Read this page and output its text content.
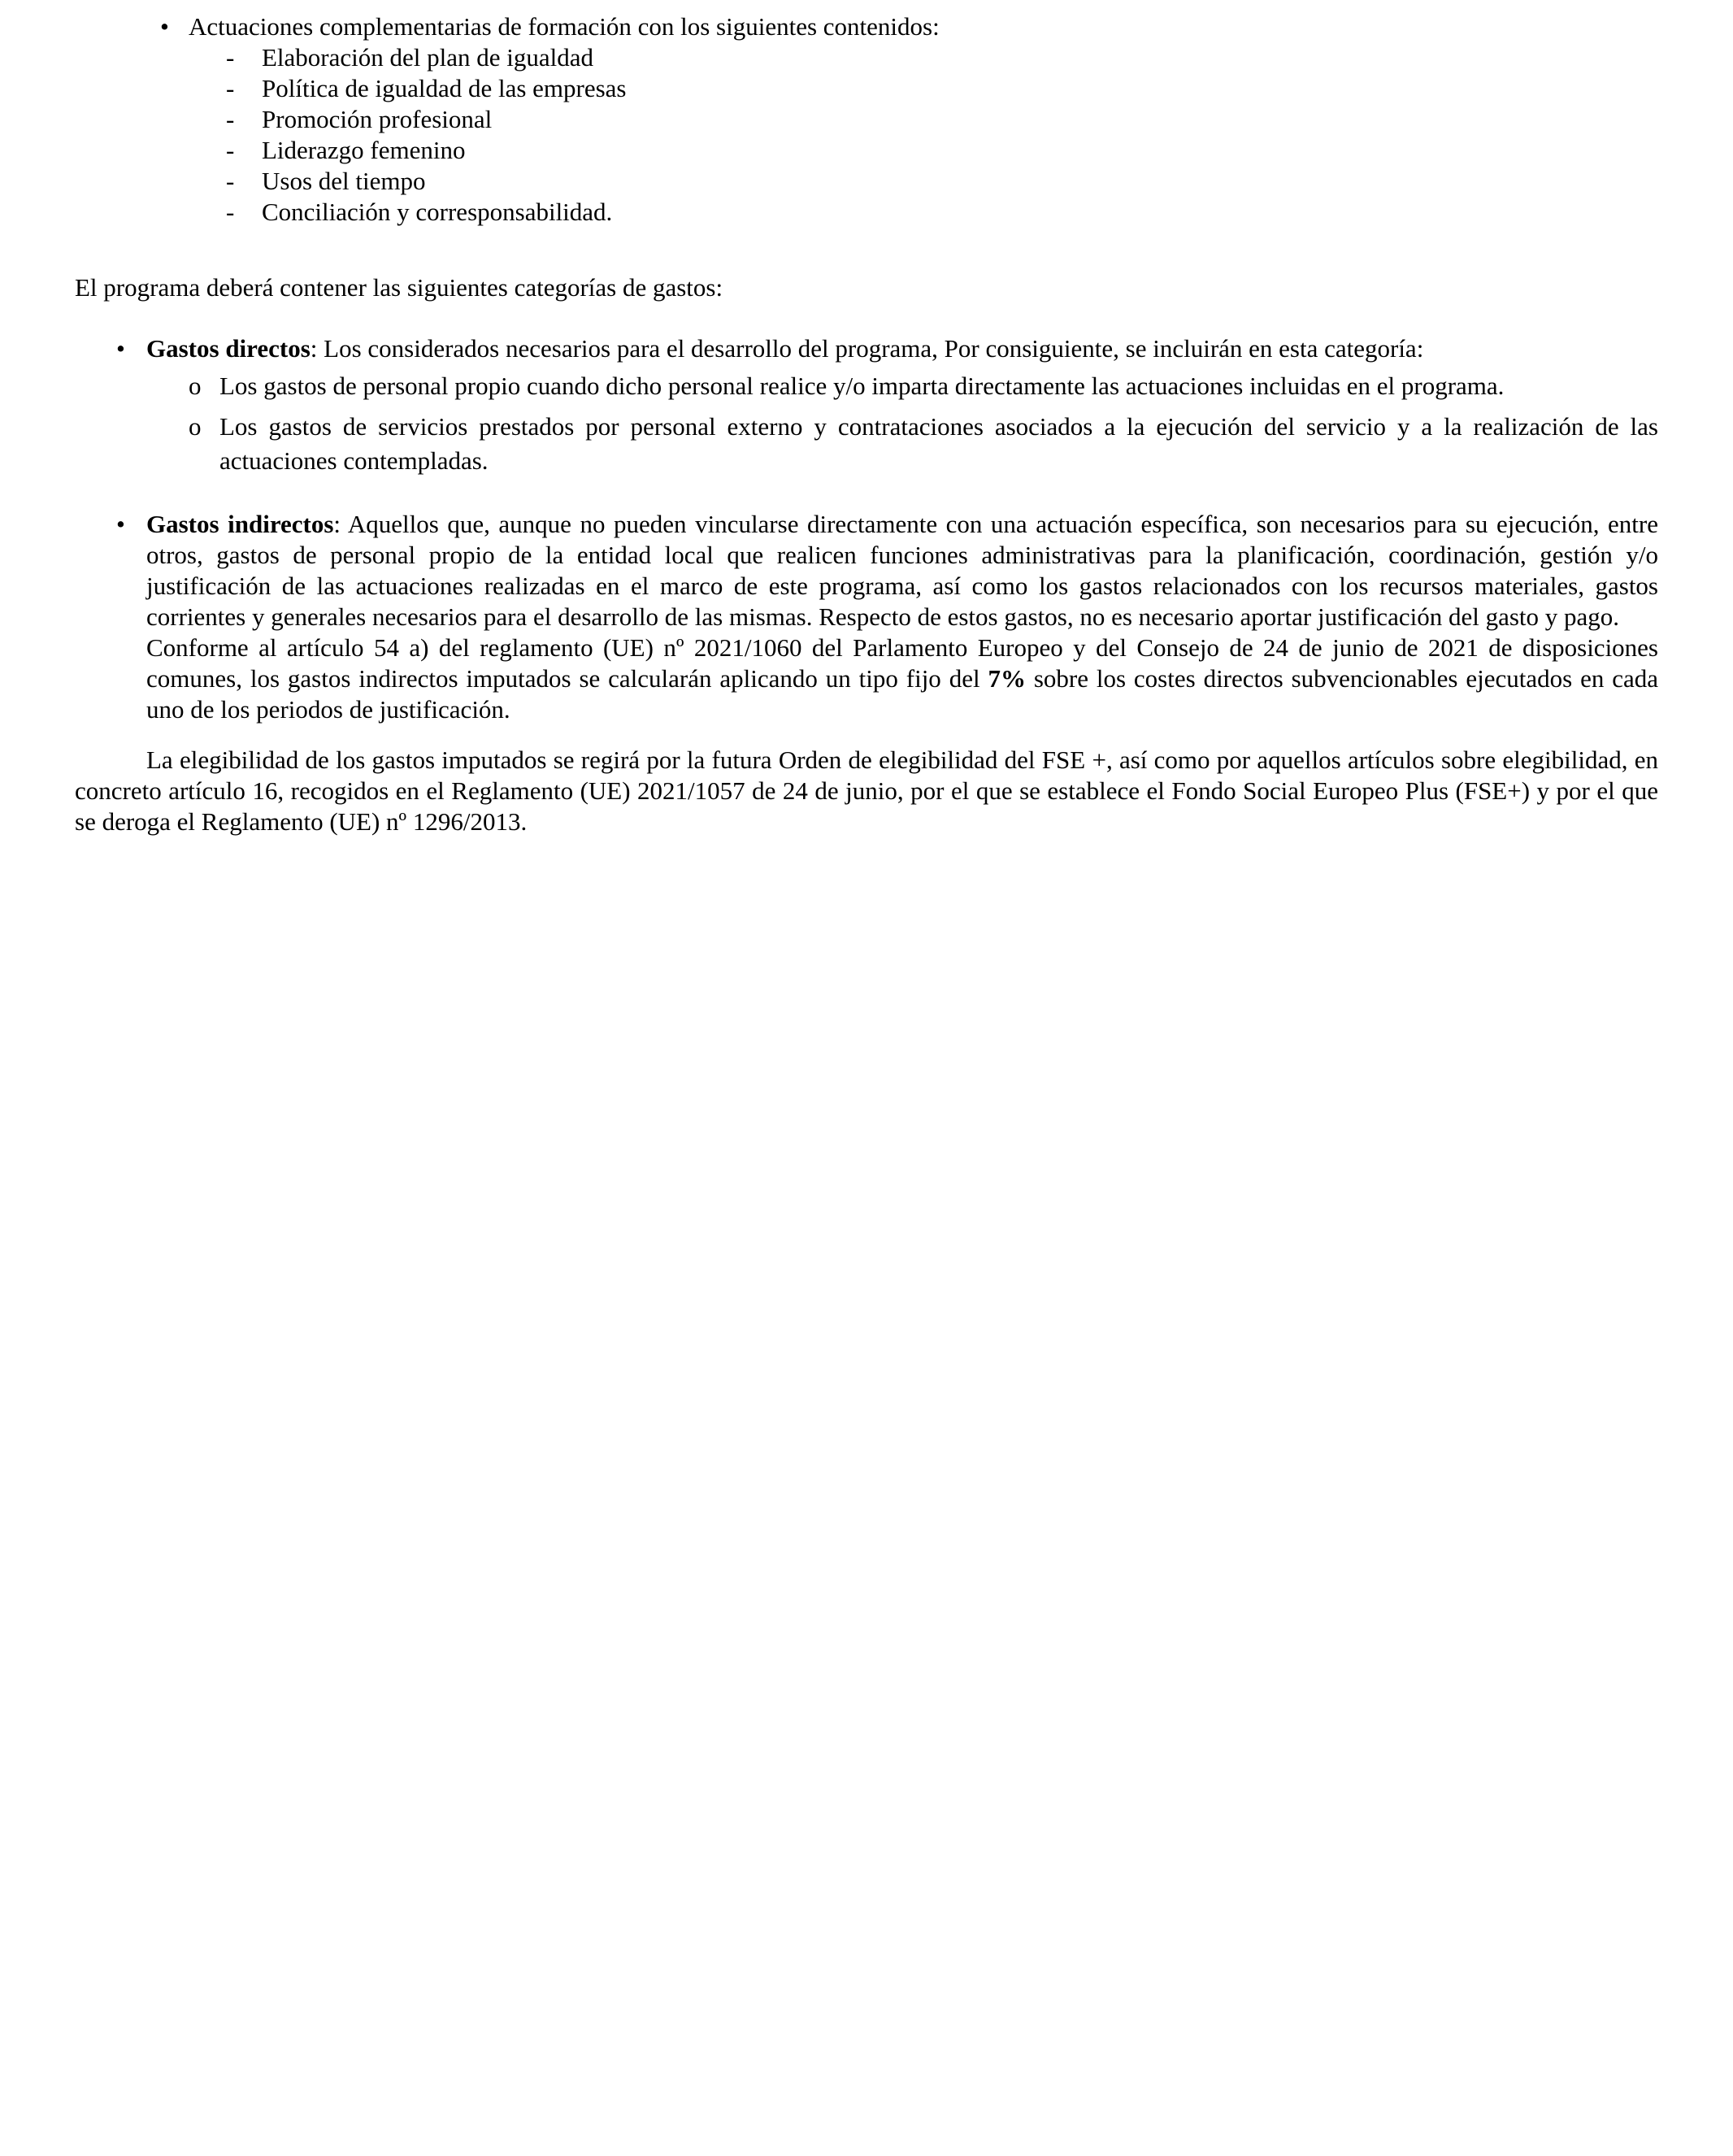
• Actuaciones complementarias de formación con los siguientes contenidos:
- Elaboración del plan de igualdad
- Política de igualdad de las empresas
- Promoción profesional
- Liderazgo femenino
- Usos del tiempo
- Conciliación y corresponsabilidad.
El programa deberá contener las siguientes categorías de gastos:
• Gastos directos: Los considerados necesarios para el desarrollo del programa, Por consiguiente, se incluirán en esta categoría:
o Los gastos de personal propio cuando dicho personal realice y/o imparta directamente las actuaciones incluidas en el programa.
o Los gastos de servicios prestados por personal externo y contrataciones asociados a la ejecución del servicio y a la realización de las actuaciones contempladas.
• Gastos indirectos: Aquellos que, aunque no pueden vincularse directamente con una actuación específica, son necesarios para su ejecución, entre otros, gastos de personal propio de la entidad local que realicen funciones administrativas para la planificación, coordinación, gestión y/o justificación de las actuaciones realizadas en el marco de este programa, así como los gastos relacionados con los recursos materiales, gastos corrientes y generales necesarios para el desarrollo de las mismas. Respecto de estos gastos, no es necesario aportar justificación del gasto y pago.
Conforme al artículo 54 a) del reglamento (UE) nº 2021/1060 del Parlamento Europeo y del Consejo de 24 de junio de 2021 de disposiciones comunes, los gastos indirectos imputados se calcularán aplicando un tipo fijo del 7% sobre los costes directos subvencionables ejecutados en cada uno de los periodos de justificación.
La elegibilidad de los gastos imputados se regirá por la futura Orden de elegibilidad del FSE +, así como por aquellos artículos sobre elegibilidad, en concreto artículo 16, recogidos en el Reglamento (UE) 2021/1057 de 24 de junio, por el que se establece el Fondo Social Europeo Plus (FSE+) y por el que se deroga el Reglamento (UE) nº 1296/2013.
